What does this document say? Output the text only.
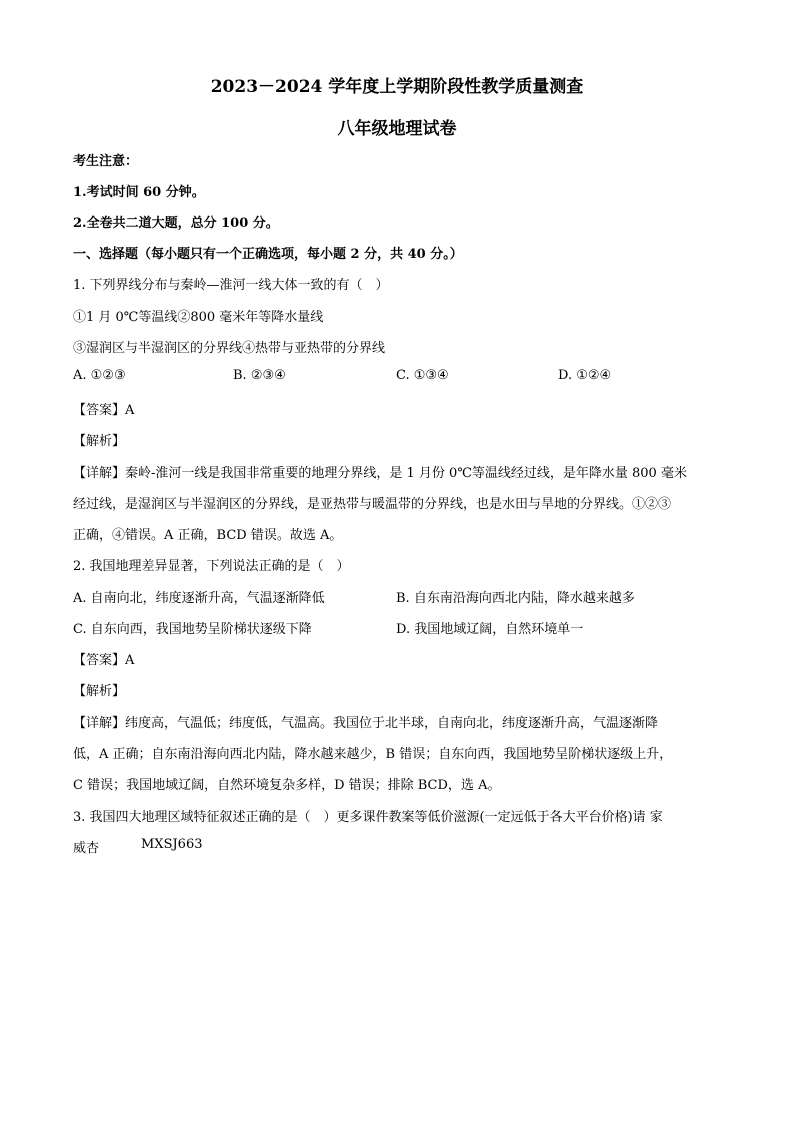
2023－2024 学年度上学期阶段性教学质量测查
八年级地理试卷
考生注意：
1.考试时间 60 分钟。
2.全卷共二道大题，总分 100 分。
一、选择题（每小题只有一个正确选项，每小题 2 分，共 40 分。）
1. 下列界线分布与秦岭—淮河一线大体一致的有（　）
①1 月 0℃等温线②800 毫米年等降水量线
③湿润区与半湿润区的分界线④热带与亚热带的分界线
A. ①②③	B. ②③④	C. ①③④	D. ①②④
【答案】A
【解析】
【详解】秦岭-淮河一线是我国非常重要的地理分界线，是 1 月份 0℃等温线经过线，是年降水量 800 毫米
经过线，是湿润区与半湿润区的分界线，是亚热带与暖温带的分界线，也是水田与旱地的分界线。①②③
正确，④错误。A 正确，BCD 错误。故选 A。
2. 我国地理差异显著，下列说法正确的是（　）
A. 自南向北，纬度逐渐升高，气温逐渐降低	B. 自东南沿海向西北内陆，降水越来越多
C. 自东向西，我国地势呈阶梯状逐级下降	D. 我国地域辽阔，自然环境单一
【答案】A
【解析】
【详解】纬度高，气温低；纬度低，气温高。我国位于北半球，自南向北，纬度逐渐升高，气温逐渐降
低，A 正确；自东南沿海向西北内陆，降水越来越少，B 错误；自东向西，我国地势呈阶梯状逐级上升，
C 错误；我国地域辽阔，自然环境复杂多样，D 错误；排除 BCD，选 A。
3. 我国四大地理区域特征叙述正确的是（　）更多课件教案等低价滋源(一定远低于各大平台价格)请 家
威杏	MXSJ663
